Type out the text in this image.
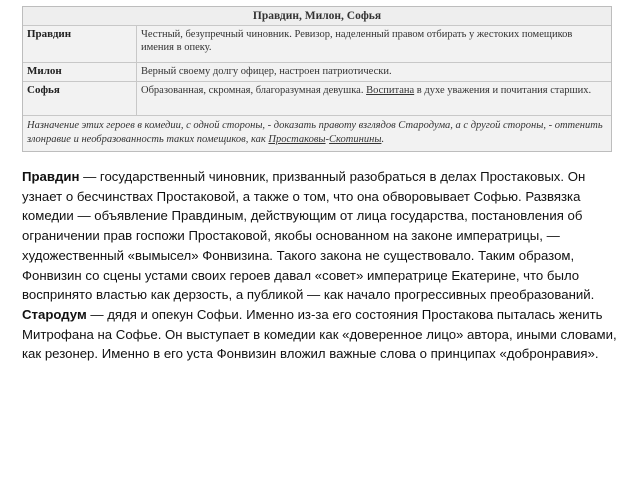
Правдин, Милон, Софья
Правдин	Честный, безупречный чиновник. Ревизор, наделенный правом отбирать у жестоких помещиков имения в опеку.
Милон	Верный своему долгу офицер, настроен патриотически.
Софья	Образованная, скромная, благоразумная девушка. Воспитана в духе уважения и почитания старших.
Назначение этих героев в комедии, с одной стороны, - доказать правоту взглядов Стародума, а с другой стороны, - оттенить злонравие и необразованность таких помещиков, как Простаковы-Скотинины.

Правдин — государственный чиновник, призванный разобраться в делах Простаковых. Он узнает о бесчинствах Простаковой, а также о том, что она обворовывает Софью. Развязка комедии — объявление Правдиным, действующим от лица государства, постановления об ограничении прав госпожи Простаковой, якобы основанном на законе императрицы, — художественный «вымысел» Фонвизина. Такого закона не существовало. Таким образом, Фонвизин со сцены устами своих героев давал «совет» императрице Екатерине, что было воспринято властью как дерзость, а публикой — как начало прогрессивных преобразований.

Стародум — дядя и опекун Софьи. Именно из-за его состояния Простакова пыталась женить Митрофана на Софье. Он выступает в комедии как «доверенное лицо» автора, иными словами, как резонер. Именно в его уста Фонвизин вложил важные слова о принципах «добронравия».
